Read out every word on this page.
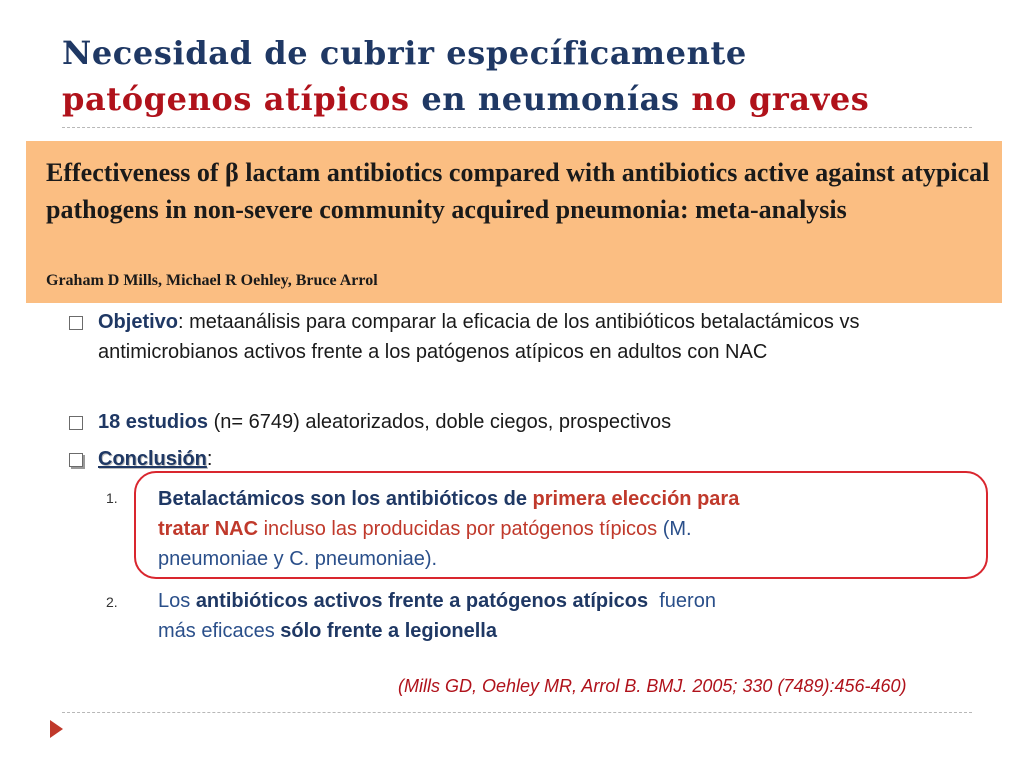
Necesidad de cubrir específicamente
patógenos atípicos en neumonías no graves
Effectiveness of β lactam antibiotics compared with antibiotics active against atypical pathogens in non-severe community acquired pneumonia: meta-analysis
Graham D Mills, Michael R Oehley, Bruce Arrol
Objetivo: metaanálisis para comparar la eficacia de los antibióticos betalactámicos vs antimicrobianos activos frente a los patógenos atípicos en adultos con NAC
18 estudios (n= 6749) aleatorizados, doble ciegos, prospectivos
Conclusión:
1. Betalactámicos son los antibióticos de primera elección para
tratar NAC incluso las producidas por patógenos típicos (M.
pneumoniae y C. pneumoniae).
2. Los antibióticos activos frente a patógenos atípicos  fueron
más eficaces sólo frente a legionella
(Mills GD, Oehley MR, Arrol B. BMJ. 2005; 330 (7489):456-460)
